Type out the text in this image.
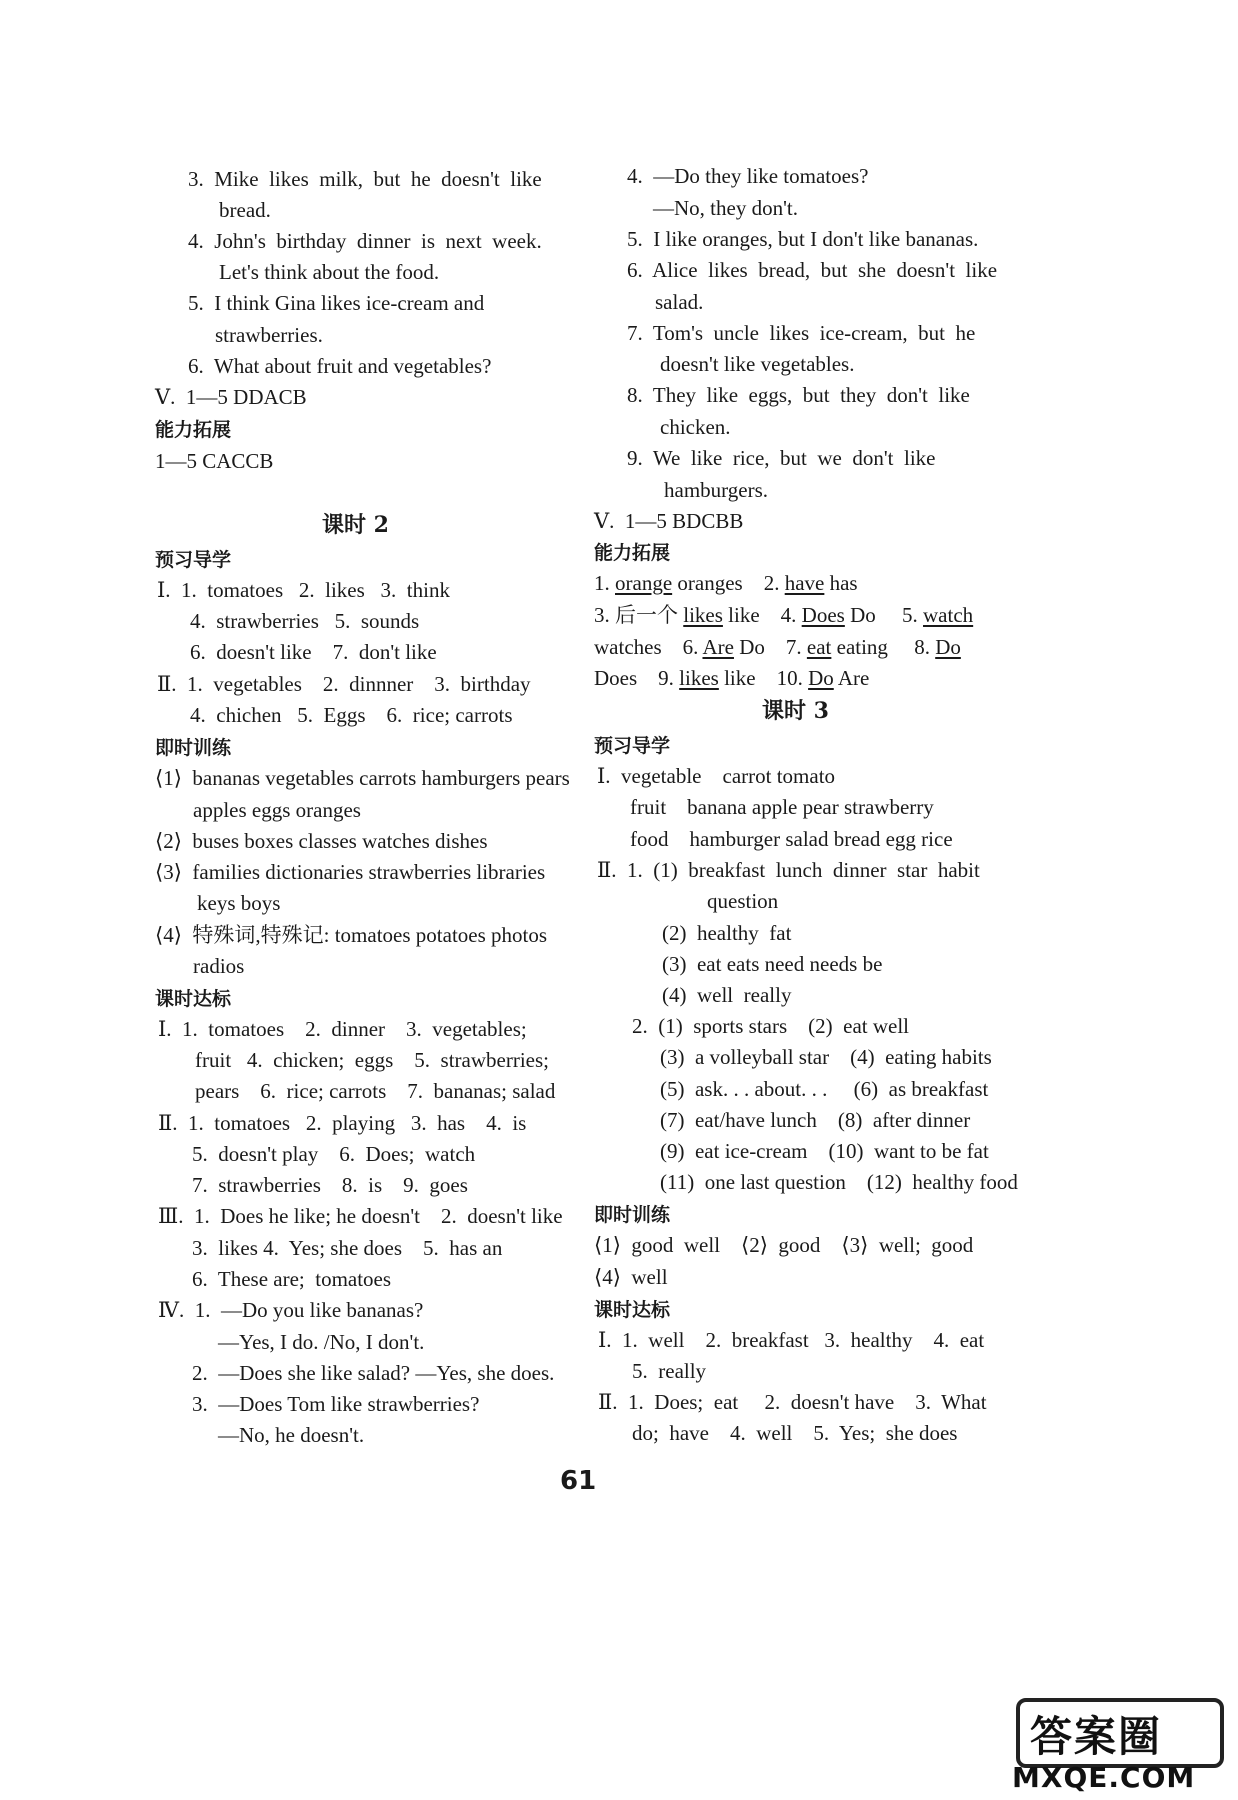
3.  Mike  likes  milk,  but  he  doesn't  like
bread.
4.  John's  birthday  dinner  is  next  week.
Let's think about the food.
5.  I think Gina likes ice-cream and
strawberries.
6.  What about fruit and vegetables?
Ⅴ.  1—5 DDACB
能力拓展
1—5 CACCB
课时 2
预习导学
Ⅰ.  1.  tomatoes   2.  likes   3.  think
4.  strawberries   5.  sounds
6.  doesn't like    7.  don't like
Ⅱ.  1.  vegetables    2.  dinnner    3.  birthday
4.  chichen   5.  Eggs    6.  rice; carrots
即时训练
⟨1⟩  bananas vegetables carrots hamburgers pears
apples eggs oranges
⟨2⟩  buses boxes classes watches dishes
⟨3⟩  families dictionaries strawberries libraries
keys boys
⟨4⟩  特殊词,特殊记: tomatoes potatoes photos
radios
课时达标
Ⅰ.  1.  tomatoes    2.  dinner    3.  vegetables;
fruit   4.  chicken;  eggs    5.  strawberries;
pears    6.  rice; carrots    7.  bananas; salad
Ⅱ.  1.  tomatoes   2.  playing   3.  has    4.  is
5.  doesn't play    6.  Does;  watch
7.  strawberries    8.  is    9.  goes
Ⅲ.  1.  Does he like; he doesn't    2.  doesn't like
3.  likes 4.  Yes; she does    5.  has an
6.  These are;  tomatoes
Ⅳ.  1.  —Do you like bananas?
—Yes, I do. /No, I don't.
2.  —Does she like salad? —Yes, she does.
3.  —Does Tom like strawberries?
—No, he doesn't.
4.  —Do they like tomatoes?
—No, they don't.
5.  I like oranges, but I don't like bananas.
6.  Alice  likes  bread,  but  she  doesn't  like
salad.
7.  Tom's  uncle  likes  ice-cream,  but  he
doesn't like vegetables.
8.  They  like  eggs,  but  they  don't  like
chicken.
9.  We  like  rice,  but  we  don't  like
hamburgers.
Ⅴ.  1—5 BDCBB
能力拓展
1. orange oranges 2. have has
3. 后一个 likes like 4. Does Do 5. watch
watches 6. Are Do 7. eat eating 8. Do
Does 9. likes like 10. Do Are
课时 3
预习导学
Ⅰ.  vegetable    carrot tomato
fruit    banana apple pear strawberry
food    hamburger salad bread egg rice
Ⅱ.  1.  (1)  breakfast  lunch  dinner  star  habit
question
(2)  healthy  fat
(3)  eat eats need needs be
(4)  well  really
2.  (1)  sports stars    (2)  eat well
(3)  a volleyball star    (4)  eating habits
(5)  ask. . . about. . .     (6)  as breakfast
(7)  eat/have lunch    (8)  after dinner
(9)  eat ice-cream    (10)  want to be fat
(11)  one last question    (12)  healthy food
即时训练
⟨1⟩  good  well    ⟨2⟩  good    ⟨3⟩  well;  good
⟨4⟩  well
课时达标
Ⅰ.  1.  well    2.  breakfast   3.  healthy    4.  eat
5.  really
Ⅱ.  1.  Does;  eat     2.  doesn't have    3.  What
do;  have    4.  well    5.  Yes;  she does
61
答案圈
MXQE.COM
